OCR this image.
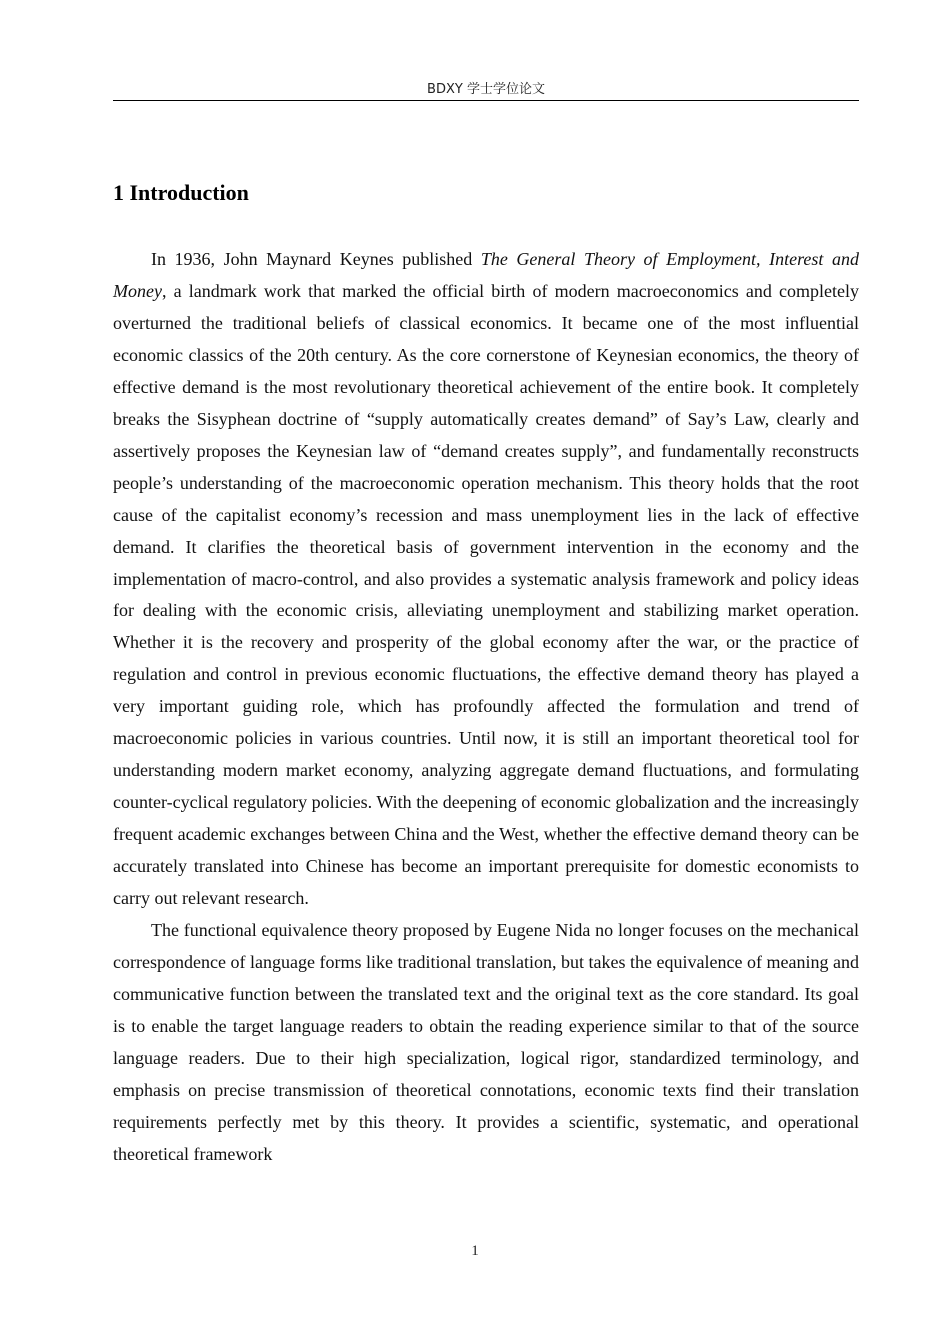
BDXY 学士学位论文
1 Introduction

In 1936, John Maynard Keynes published The General Theory of Employment, Interest and Money, a landmark work that marked the official birth of modern macroeconomics and completely overturned the traditional beliefs of classical economics. It became one of the most influential economic classics of the 20th century. As the core cornerstone of Keynesian economics, the theory of effective demand is the most revolutionary theoretical achievement of the entire book. It completely breaks the Sisyphean doctrine of “supply automatically creates demand” of Say’s Law, clearly and assertively proposes the Keynesian law of “demand creates supply”, and fundamentally reconstructs people’s understanding of the macroeconomic operation mechanism. This theory holds that the root cause of the capitalist economy’s recession and mass unemployment lies in the lack of effective demand. It clarifies the theoretical basis of government intervention in the economy and the implementation of macro-control, and also provides a systematic analysis framework and policy ideas for dealing with the economic crisis, alleviating unemployment and stabilizing market operation. Whether it is the recovery and prosperity of the global economy after the war, or the practice of regulation and control in previous economic fluctuations, the effective demand theory has played a very important guiding role, which has profoundly affected the formulation and trend of macroeconomic policies in various countries. Until now, it is still an important theoretical tool for understanding modern market economy, analyzing aggregate demand fluctuations, and formulating counter-cyclical regulatory policies. With the deepening of economic globalization and the increasingly frequent academic exchanges between China and the West, whether the effective demand theory can be accurately translated into Chinese has become an important prerequisite for domestic economists to carry out relevant research.

The functional equivalence theory proposed by Eugene Nida no longer focuses on the mechanical correspondence of language forms like traditional translation, but takes the equivalence of meaning and communicative function between the translated text and the original text as the core standard. Its goal is to enable the target language readers to obtain the reading experience similar to that of the source language readers. Due to their high specialization, logical rigor, standardized terminology, and emphasis on precise transmission of theoretical connotations, economic texts find their translation requirements perfectly met by this theory. It provides a scientific, systematic, and operational theoretical framework

1
